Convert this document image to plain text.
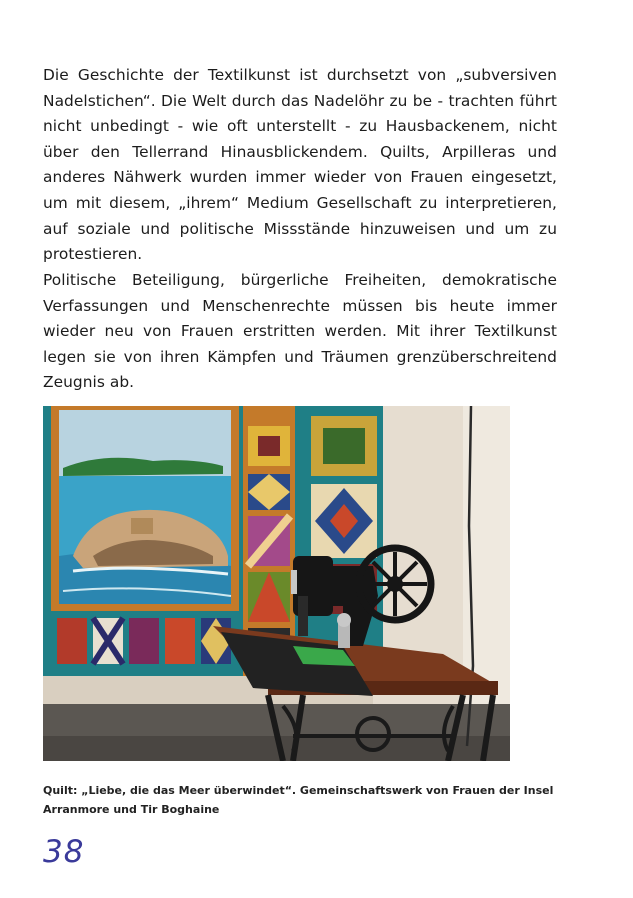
Die Geschichte der Textilkunst ist durchsetzt von „subversiven Nadelstichen“. Die Welt durch das Nadelöhr zu be - trachten führt nicht unbedingt - wie oft unterstellt - zu Hausbackenem, nicht über den Tellerrand Hinausblickendem. Quilts, Arpilleras und anderes Nähwerk wurden immer wieder von Frauen eingesetzt, um mit diesem, „ihrem“ Medium Gesellschaft zu interpretieren, auf soziale und politische Missstände hinzuweisen und um zu protestieren.

Politische Beteiligung, bürgerliche Freiheiten, demokratische Verfassungen und Menschenrechte müssen bis heute immer wieder neu von Frauen erstritten werden. Mit ihrer Textilkunst legen sie von ihren Kämpfen und Träumen grenzüberschreitend Zeugnis ab.

Quilt: „Liebe, die das Meer überwindet“. Gemeinschaftswerk von Frauen der Insel Arranmore und Tir Boghaine

38
